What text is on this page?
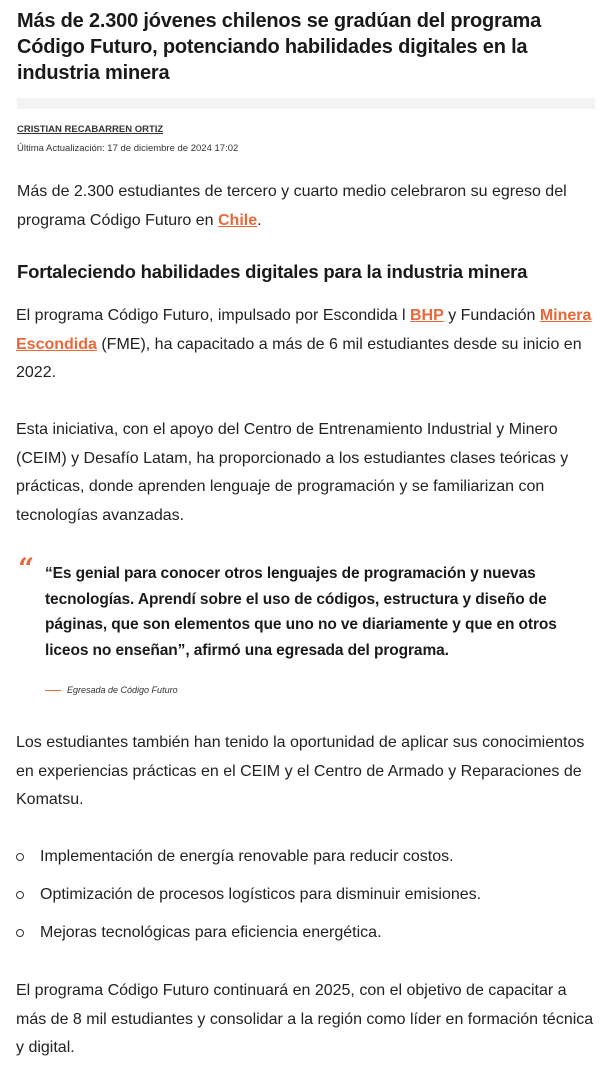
Más de 2.300 jóvenes chilenos se gradúan del programa Código Futuro, potenciando habilidades digitales en la industria minera
CRISTIAN RECABARREN ORTIZ
Última Actualización: 17 de diciembre de 2024 17:02

Más de 2.300 estudiantes de tercero y cuarto medio celebraron su egreso del programa Código Futuro en Chile.

Fortaleciendo habilidades digitales para la industria minera

El programa Código Futuro, impulsado por Escondida l BHP y Fundación Minera Escondida (FME), ha capacitado a más de 6 mil estudiantes desde su inicio en 2022.

Esta iniciativa, con el apoyo del Centro de Entrenamiento Industrial y Minero (CEIM) y Desafío Latam, ha proporcionado a los estudiantes clases teóricas y prácticas, donde aprenden lenguaje de programación y se familiarizan con tecnologías avanzadas.

“ “Es genial para conocer otros lenguajes de programación y nuevas tecnologías. Aprendí sobre el uso de códigos, estructura y diseño de páginas, que son elementos que uno no ve diariamente y que en otros liceos no enseñan”, afirmó una egresada del programa.
Egresada de Código Futuro

Los estudiantes también han tenido la oportunidad de aplicar sus conocimientos en experiencias prácticas en el CEIM y el Centro de Armado y Reparaciones de Komatsu.

Implementación de energía renovable para reducir costos.
Optimización de procesos logísticos para disminuir emisiones.
Mejoras tecnológicas para eficiencia energética.

El programa Código Futuro continuará en 2025, con el objetivo de capacitar a más de 8 mil estudiantes y consolidar a la región como líder en formación técnica y digital.
